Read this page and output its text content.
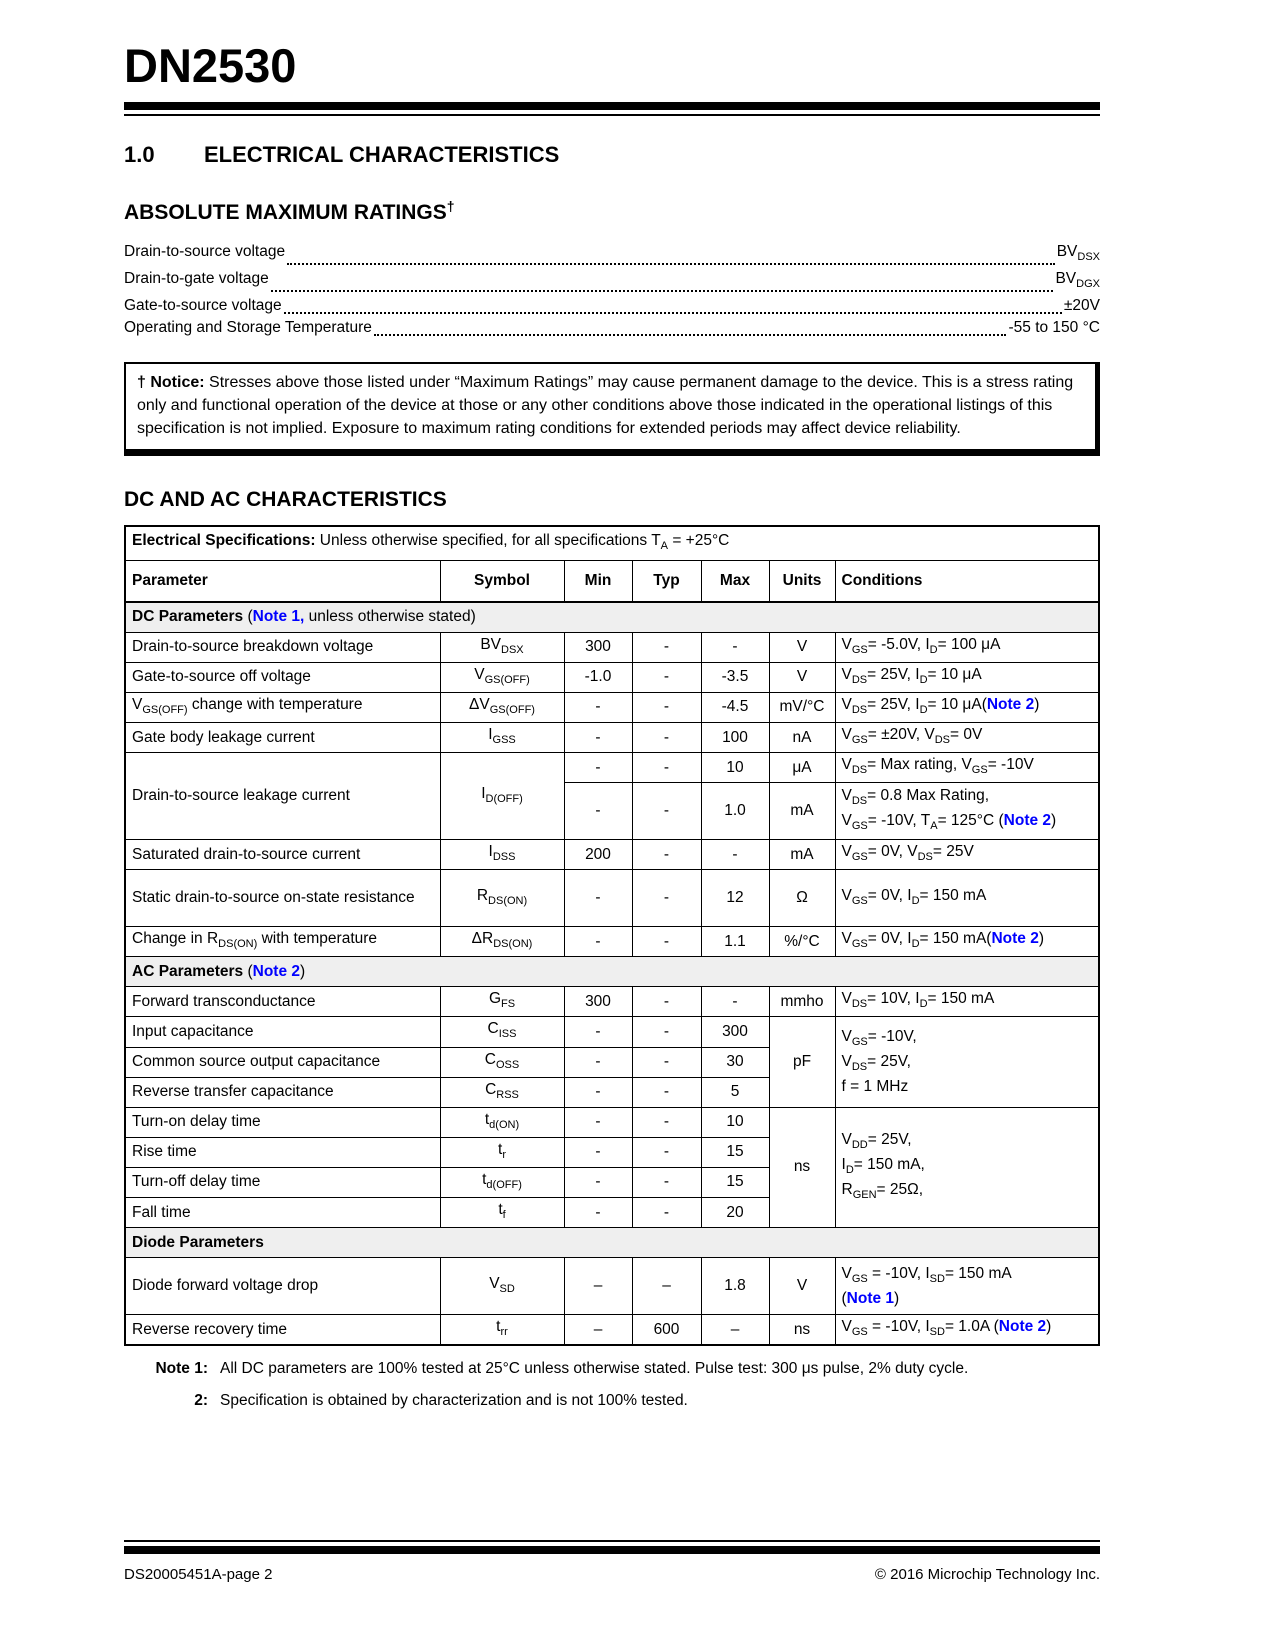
DN2530
1.0	ELECTRICAL CHARACTERISTICS
ABSOLUTE MAXIMUM RATINGS†
Drain-to-source voltage	$BV_{DSX}$
Drain-to-gate voltage	$BV_{DGX}$
Gate-to-source voltage	±20V
Operating and Storage Temperature	-55 to 150 °C
† Notice: Stresses above those listed under “Maximum Ratings” may cause permanent damage to the device. This is a stress rating only and functional operation of the device at those or any other conditions above those indicated in the operational listings of this specification is not implied. Exposure to maximum rating conditions for extended periods may affect device reliability.
DC AND AC CHARACTERISTICS
Electrical Specifications: Unless otherwise specified, for all specifications $T_A = +25^\circ C$						
Parameter	Symbol	Min	Typ	Max	Units	Conditions
DC Parameters (Note 1, unless otherwise stated)						
Drain-to-source breakdown voltage	$BV_{DSX}$	300	-	-	V	$V_{GS}= -5.0V$, $I_D= 100$ μA
Gate-to-source off voltage	$V_{GS(OFF)}$	-1.0	-	-3.5	V	$V_{DS}= 25V$, $I_D= 10$ μA
$V_{GS(OFF)}$ change with temperature	$\Delta V_{GS(OFF)}$	-	-	-4.5	mV/°C	$V_{DS}= 25V$, $I_D= 10$ μA(Note 2)
Gate body leakage current	$I_{GSS}$	-	-	100	nA	$V_{GS}= \pm 20V$, $V_{DS}= 0V$
Drain-to-source leakage current	$I_{D(OFF)}$	-	-	10	μA	$V_{DS}=$ Max rating, $V_{GS}= -10V$
		-	-	1.0	mA	$V_{DS}= 0.8$ Max Rating,
$V_{GS}= -10V$, $T_A= 125^\circ C$ (Note 2)
Saturated drain-to-source current	$I_{DSS}$	200	-	-	mA	$V_{GS}= 0V$, $V_{DS}= 25V$
Static drain-to-source on-state resistance	$R_{DS(ON)}$	-	-	12	Ω	$V_{GS}= 0V$, $I_D= 150$ mA
Change in $R_{DS(ON)}$ with temperature	$\Delta R_{DS(ON)}$	-	-	1.1	%/°C	$V_{GS}= 0V$, $I_D= 150$ mA(Note 2)
AC Parameters (Note 2)						
Forward transconductance	$G_{FS}$	300	-	-	mmho	$V_{DS}= 10V$, $I_D= 150$ mA
Input capacitance	$C_{ISS}$	-	-	300	pF	$V_{GS}= -10V$,
$V_{DS}= 25V$,
f = 1 MHz
Common source output capacitance	$C_{OSS}$	-	-	30		
Reverse transfer capacitance	$C_{RSS}$	-	-	5		
Turn-on delay time	$t_{d(ON)}$	-	-	10	ns	$V_{DD}= 25V$,
$I_D= 150$ mA,
$R_{GEN}= 25\Omega$,
Rise time	$t_r$	-	-	15		
Turn-off delay time	$t_{d(OFF)}$	-	-	15		
Fall time	$t_f$	-	-	20		
Diode Parameters						
Diode forward voltage drop	$V_{SD}$	–	–	1.8	V	$V_{GS} = -10V$, $I_{SD}= 150$ mA
(Note 1)
Reverse recovery time	$t_{rr}$	–	600	–	ns	$V_{GS} = -10V$, $I_{SD}= 1.0A$ (Note 2)
Note 1: All DC parameters are 100% tested at 25°C unless otherwise stated. Pulse test: 300 μs pulse, 2% duty cycle.
2: Specification is obtained by characterization and is not 100% tested.
DS20005451A-page 2	© 2016 Microchip Technology Inc.
